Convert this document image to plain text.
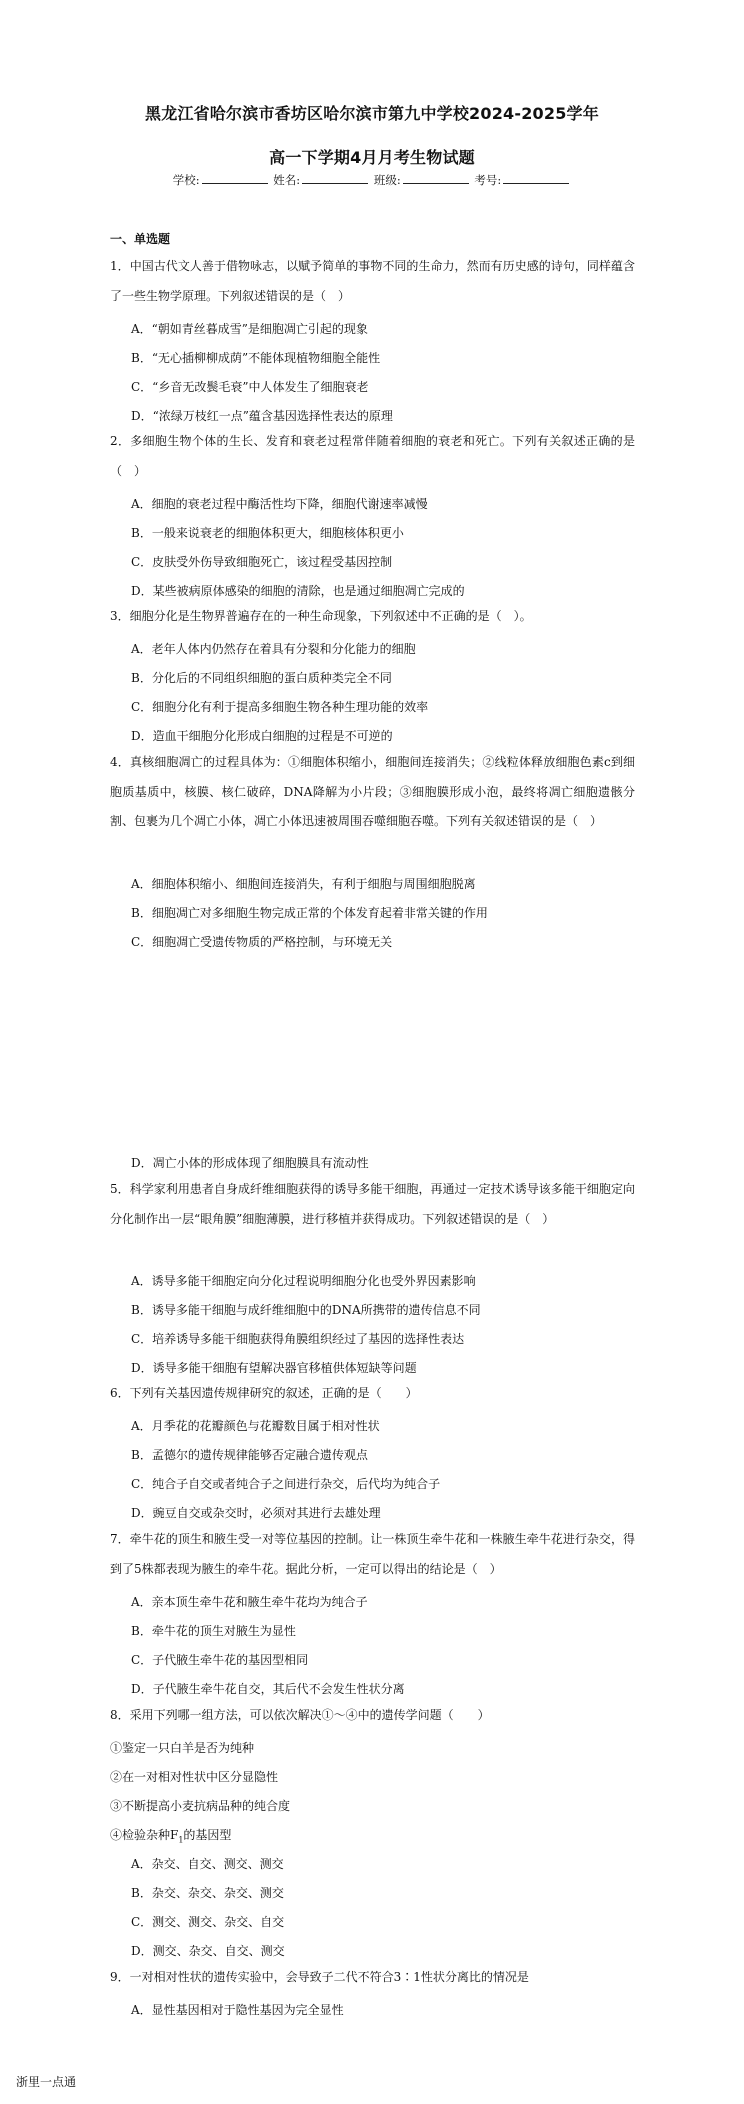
黑龙江省哈尔滨市香坊区哈尔滨市第九中学校2024-2025学年
高一下学期4月月考生物试题
学校:	姓名:	班级:	考号:
一、单选题
1．中国古代文人善于借物咏志，以赋予简单的事物不同的生命力，然而有历史感的诗句，同样蕴含了一些生物学原理。下列叙述错误的是（　）
A．“朝如青丝暮成雪”是细胞凋亡引起的现象
B．“无心插柳柳成荫”不能体现植物细胞全能性
C．“乡音无改鬓毛衰”中人体发生了细胞衰老
D．“浓绿万枝红一点”蕴含基因选择性表达的原理
2．多细胞生物个体的生长、发育和衰老过程常伴随着细胞的衰老和死亡。下列有关叙述正确的是（　）
A．细胞的衰老过程中酶活性均下降，细胞代谢速率减慢
B．一般来说衰老的细胞体积更大，细胞核体积更小
C．皮肤受外伤导致细胞死亡，该过程受基因控制
D．某些被病原体感染的细胞的清除，也是通过细胞凋亡完成的
3．细胞分化是生物界普遍存在的一种生命现象，下列叙述中不正确的是（　）。
A．老年人体内仍然存在着具有分裂和分化能力的细胞
B．分化后的不同组织细胞的蛋白质种类完全不同
C．细胞分化有利于提高多细胞生物各种生理功能的效率
D．造血干细胞分化形成白细胞的过程是不可逆的
4．真核细胞凋亡的过程具体为：①细胞体积缩小，细胞间连接消失；②线粒体释放细胞色素c到细胞质基质中，核膜、核仁破碎，DNA降解为小片段；③细胞膜形成小泡，最终将凋亡细胞遗骸分割、包裹为几个凋亡小体，凋亡小体迅速被周围吞噬细胞吞噬。下列有关叙述错误的是（　）
A．细胞体积缩小、细胞间连接消失，有利于细胞与周围细胞脱离
B．细胞凋亡对多细胞生物完成正常的个体发育起着非常关键的作用
C．细胞凋亡受遗传物质的严格控制，与环境无关
D．凋亡小体的形成体现了细胞膜具有流动性
5．科学家利用患者自身成纤维细胞获得的诱导多能干细胞，再通过一定技术诱导该多能干细胞定向分化制作出一层“眼角膜”细胞薄膜，进行移植并获得成功。下列叙述错误的是（　）
A．诱导多能干细胞定向分化过程说明细胞分化也受外界因素影响
B．诱导多能干细胞与成纤维细胞中的DNA所携带的遗传信息不同
C．培养诱导多能干细胞获得角膜组织经过了基因的选择性表达
D．诱导多能干细胞有望解决器官移植供体短缺等问题
6．下列有关基因遗传规律研究的叙述，正确的是（　　）
A．月季花的花瓣颜色与花瓣数目属于相对性状
B．孟德尔的遗传规律能够否定融合遗传观点
C．纯合子自交或者纯合子之间进行杂交，后代均为纯合子
D．豌豆自交或杂交时，必须对其进行去雄处理
7．牵牛花的顶生和腋生受一对等位基因的控制。让一株顶生牵牛花和一株腋生牵牛花进行杂交，得到了5株都表现为腋生的牵牛花。据此分析，一定可以得出的结论是（　）
A．亲本顶生牵牛花和腋生牵牛花均为纯合子
B．牵牛花的顶生对腋生为显性
C．子代腋生牵牛花的基因型相同
D．子代腋生牵牛花自交，其后代不会发生性状分离
8．采用下列哪一组方法，可以依次解决①～④中的遗传学问题（　　）
①鉴定一只白羊是否为纯种
②在一对相对性状中区分显隐性
③不断提高小麦抗病品种的纯合度
④检验杂种$F_1$的基因型
A．杂交、自交、测交、测交
B．杂交、杂交、杂交、测交
C．测交、测交、杂交、自交
D．测交、杂交、自交、测交
9．一对相对性状的遗传实验中，会导致子二代不符合3∶1性状分离比的情况是
A．显性基因相对于隐性基因为完全显性
浙里一点通
